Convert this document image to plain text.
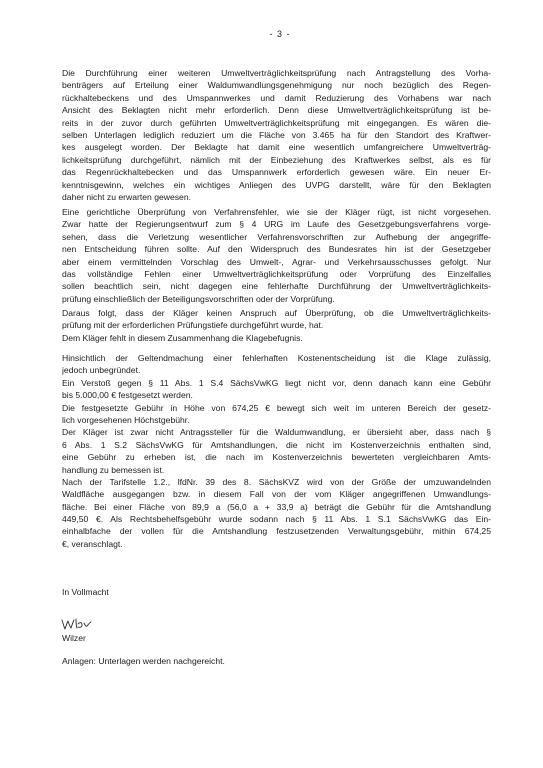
- 3 -
Die Durchführung einer weiteren Umweltverträglichkeitsprüfung nach Antragstellung des Vorha-
benträgers auf Erteilung einer Waldumwandlungsgenehmigung nur noch bezüglich des Regen-
rückhaltebeckens und des Umspannwerkes und damit Reduzierung des Vorhabens war nach
Ansicht des Beklagten nicht mehr erforderlich. Denn diese Umweltverträglichkeitsprüfung ist be-
reits in der zuvor durch geführten Umweltverträglichkeitsprüfung mit eingegangen. Es wären die-
selben Unterlagen lediglich reduziert um die Fläche von 3.465 ha für den Standort des Kraftwer-
kes ausgelegt worden. Der Beklagte hat damit eine wesentlich umfangreichere Umweltverträg-
lichkeitsprüfung durchgeführt, nämlich mit der Einbeziehung des Kraftwerkes selbst, als es für
das Regenrückhaltebecken und das Umspannwerk erforderlich gewesen wäre. Ein neuer Er-
kenntnisgewinn, welches ein wichtiges Anliegen des UVPG darstellt, wäre für den Beklagten
daher nicht zu erwarten gewesen.
Eine gerichtliche Überprüfung von Verfahrensfehler, wie sie der Kläger rügt, ist nicht vorgesehen.
Zwar hatte der Regierungsentwurf zum § 4 URG im Laufe des Gesetzgebungsverfahrens vorge-
sehen, dass die Verletzung wesentlicher Verfahrensvorschriften zur Aufhebung der angegriffe-
nen Entscheidung führen sollte. Auf den Widerspruch des Bundesrates hin ist der Gesetzgeber
aber einem vermittelnden Vorschlag des Umwelt-, Agrar- und Verkehrsausschusses gefolgt. Nur
das vollständige Fehlen einer Umweltverträglichkeitsprüfung oder Vorprüfung des Einzelfalles
sollen beachtlich sein, nicht dagegen eine fehlerhafte Durchführung der Umweltverträglichkeits-
prüfung einschließlich der Beteiligungsvorschriften oder der Vorprüfung.
Daraus folgt, dass der Kläger keinen Anspruch auf Überprüfung, ob die Umweltverträglichkeits-
prüfung mit der erforderlichen Prüfungstiefe durchgeführt wurde, hat.
Dem Kläger fehlt in diesem Zusammenhang die Klagebefugnis.
Hinsichtlich der Geltendmachung einer fehlerhaften Kostenentscheidung ist die Klage zulässig,
jedoch unbegründet.
Ein Verstoß gegen § 11 Abs. 1 S.4 SächsVwKG liegt nicht vor, denn danach kann eine Gebühr
bis 5.000,00 € festgesetzt werden.
Die festgesetzte Gebühr in Höhe von 674,25 € bewegt sich weit im unteren Bereich der gesetz-
lich vorgesehenen Höchstgebühr.
Der Kläger ist zwar nicht Antragssteller für die Waldumwandlung, er übersieht aber, dass nach §
6 Abs. 1 S.2 SächsVwKG für Amtshandlungen, die nicht im Kostenverzeichnis enthalten sind,
eine Gebühr zu erheben ist, die nach im Kostenverzeichnis bewerteten vergleichbaren Amts-
handlung zu bemessen ist.
Nach der Tarifstelle 1.2., lfdNr. 39 des 8. SächsKVZ wird von der Größe der umzuwandelnden
Waldfläche ausgegangen bzw. in diesem Fall von der vom Kläger angegriffenen Umwandlungs-
fläche. Bei einer Fläche von 89,9 a (56,0 a + 33,9 a) beträgt die Gebühr für die Amtshandlung
449,50 €. Als Rechtsbehelfsgebühr wurde sodann nach § 11 Abs. 1 S.1 SächsVwKG das Ein-
einhalbfache der vollen für die Amtshandlung festzusetzenden Verwaltungsgebühr, mithin 674,25
€, veranschlagt.
In Vollmacht
Wilzer
Anlagen: Unterlagen werden nachgereicht.
